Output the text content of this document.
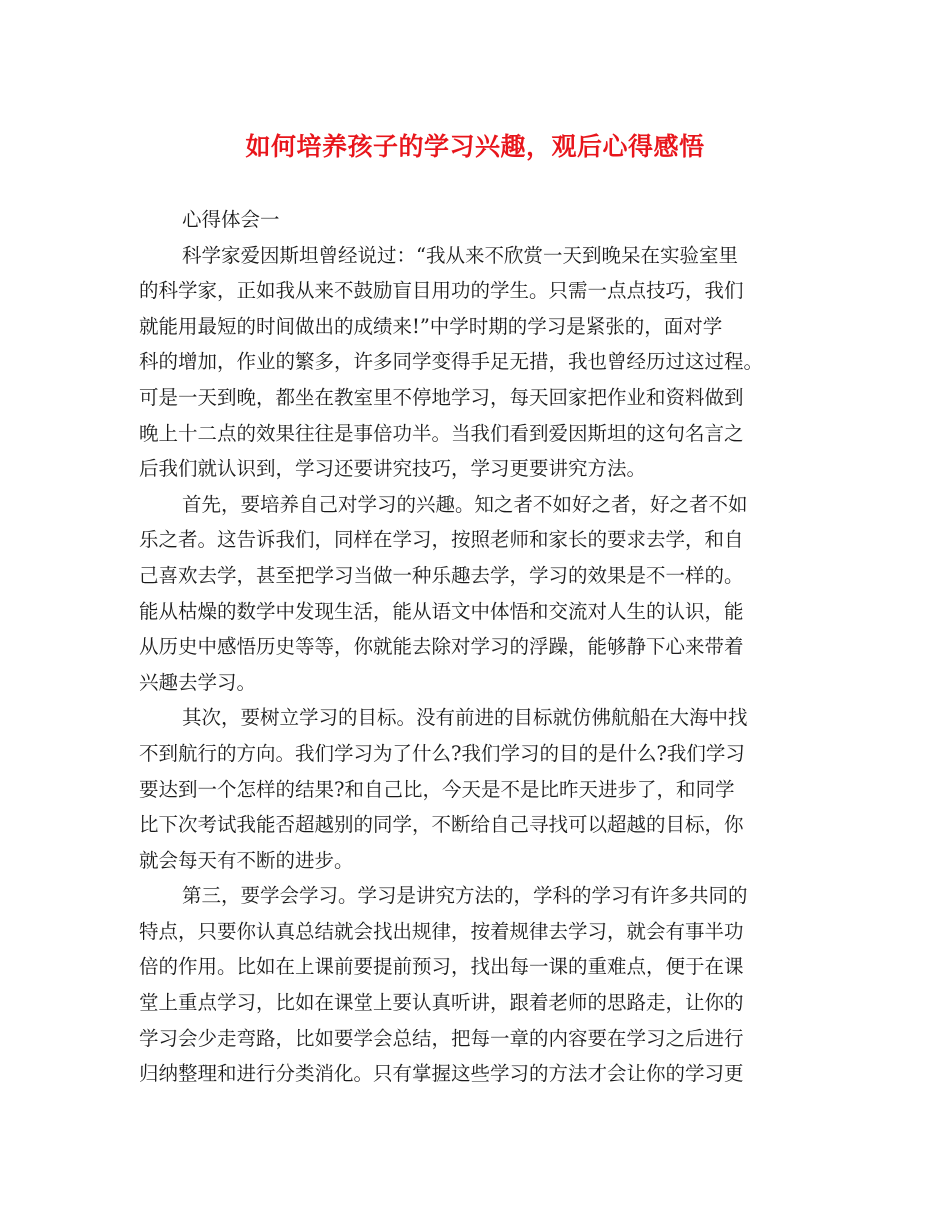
如何培养孩子的学习兴趣，观后心得感悟
心得体会一
科学家爱因斯坦曾经说过：“我从来不欣赏一天到晚呆在实验室里
的科学家，正如我从来不鼓励盲目用功的学生。只需一点点技巧，我们
就能用最短的时间做出的成绩来!”中学时期的学习是紧张的，面对学
科的增加，作业的繁多，许多同学变得手足无措，我也曾经历过这过程。
可是一天到晚，都坐在教室里不停地学习，每天回家把作业和资料做到
晚上十二点的效果往往是事倍功半。当我们看到爱因斯坦的这句名言之
后我们就认识到，学习还要讲究技巧，学习更要讲究方法。
首先，要培养自己对学习的兴趣。知之者不如好之者，好之者不如
乐之者。这告诉我们，同样在学习，按照老师和家长的要求去学，和自
己喜欢去学，甚至把学习当做一种乐趣去学，学习的效果是不一样的。
能从枯燥的数学中发现生活，能从语文中体悟和交流对人生的认识，能
从历史中感悟历史等等，你就能去除对学习的浮躁，能够静下心来带着
兴趣去学习。
其次，要树立学习的目标。没有前进的目标就仿佛航船在大海中找
不到航行的方向。我们学习为了什么?我们学习的目的是什么?我们学习
要达到一个怎样的结果?和自己比，今天是不是比昨天进步了，和同学
比下次考试我能否超越别的同学，不断给自己寻找可以超越的目标，你
就会每天有不断的进步。
第三，要学会学习。学习是讲究方法的，学科的学习有许多共同的
特点，只要你认真总结就会找出规律，按着规律去学习，就会有事半功
倍的作用。比如在上课前要提前预习，找出每一课的重难点，便于在课
堂上重点学习，比如在课堂上要认真听讲，跟着老师的思路走，让你的
学习会少走弯路，比如要学会总结，把每一章的内容要在学习之后进行
归纳整理和进行分类消化。只有掌握这些学习的方法才会让你的学习更
